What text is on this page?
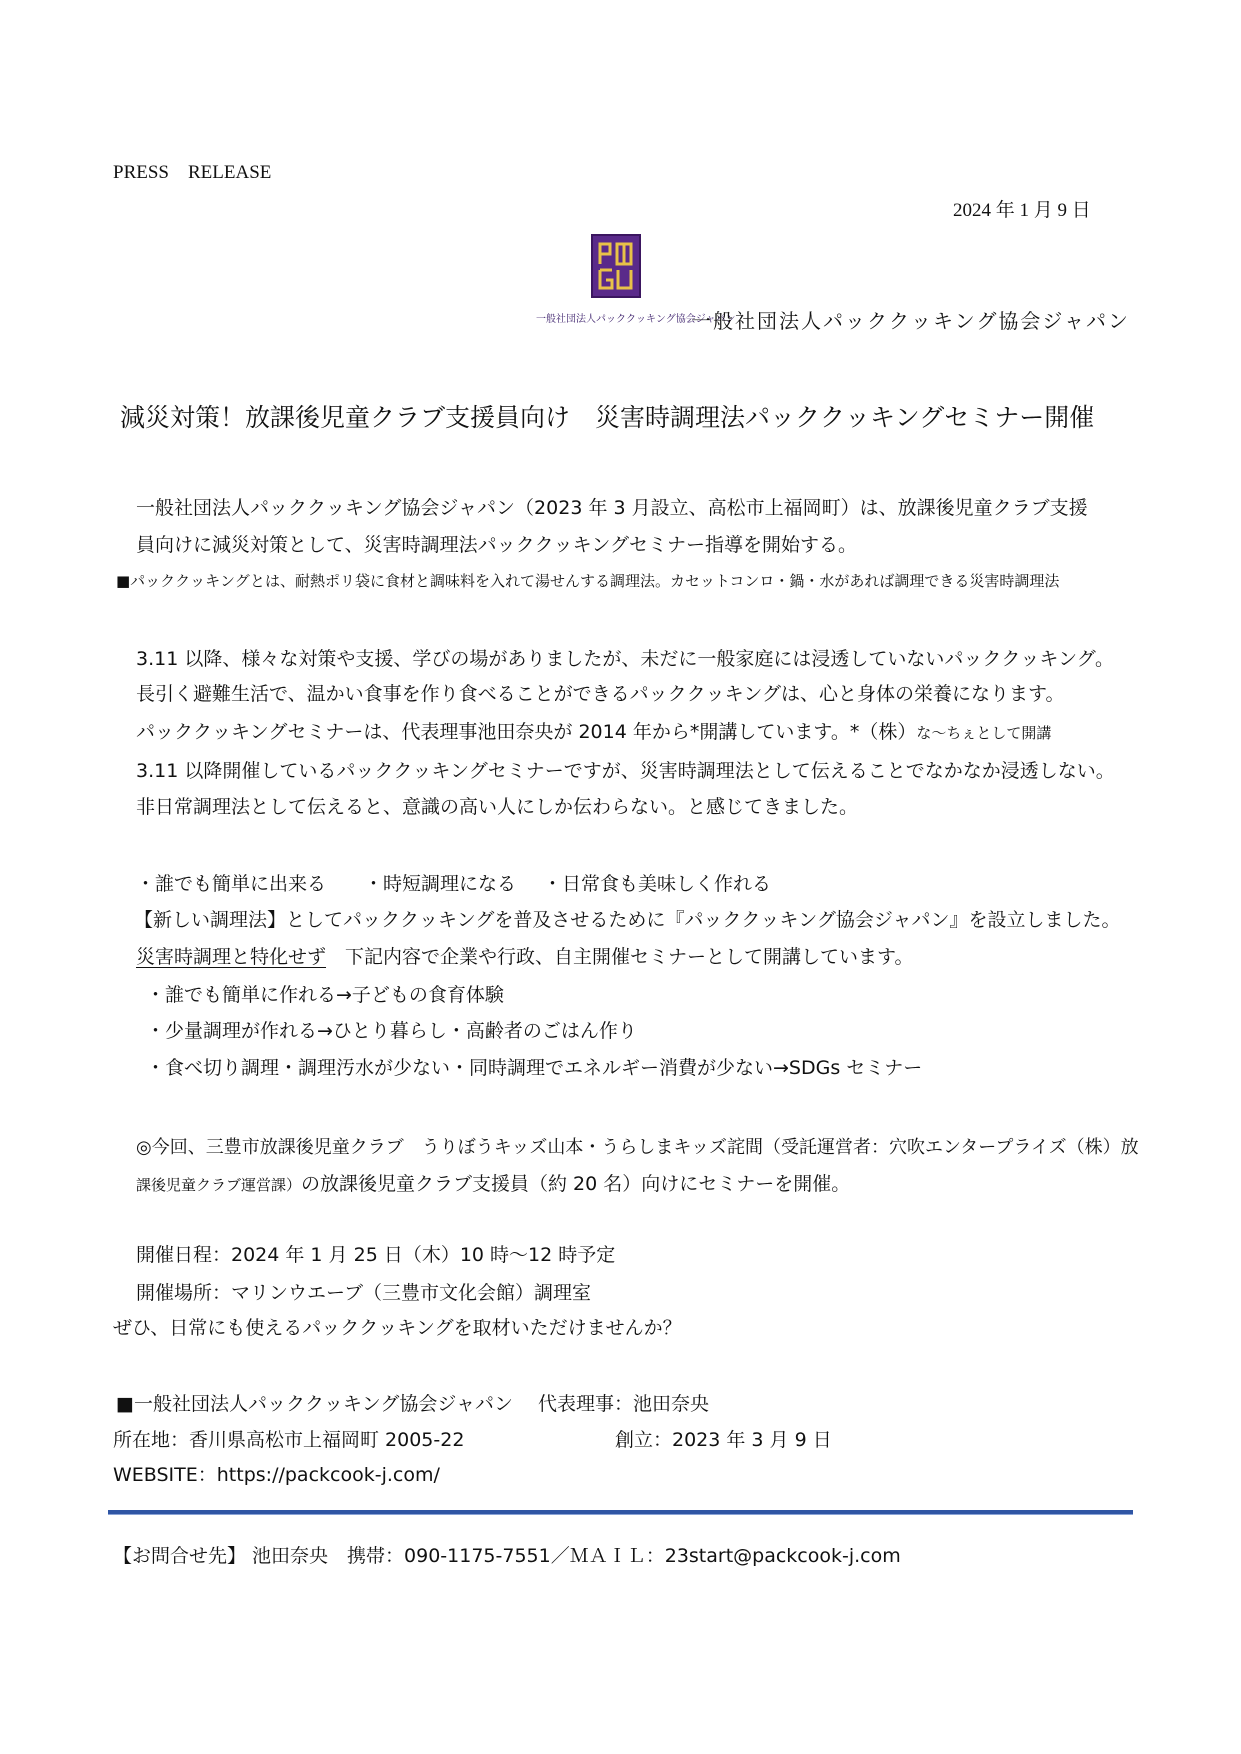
PRESS　RELEASE
2024 年 1 月 9 日
一般社団法人パッククッキング協会ジャパン
一般社団法人パッククッキング協会ジャパン
減災対策！放課後児童クラブ支援員向け　災害時調理法パッククッキングセミナー開催
一般社団法人パッククッキング協会ジャパン（2023 年 3 月設立、高松市上福岡町）は、放課後児童クラブ支援
員向けに減災対策として、災害時調理法パッククッキングセミナー指導を開始する。
■パッククッキングとは、耐熱ポリ袋に食材と調味料を入れて湯せんする調理法。カセットコンロ・鍋・水があれば調理できる災害時調理法
3.11 以降、様々な対策や支援、学びの場がありましたが、未だに一般家庭には浸透していないパッククッキング。
長引く避難生活で、温かい食事を作り食べることができるパッククッキングは、心と身体の栄養になります。
パッククッキングセミナーは、代表理事池田奈央が 2014 年から*開講しています。*（株）な～ちぇとして開講
3.11 以降開催しているパッククッキングセミナーですが、災害時調理法として伝えることでなかなか浸透しない。
非日常調理法として伝えると、意識の高い人にしか伝わらない。と感じてきました。
・誰でも簡単に出来る ・時短調理になる ・日常食も美味しく作れる
【新しい調理法】としてパッククッキングを普及させるために『パッククッキング協会ジャパン』を設立しました。
災害時調理と特化せず　 下記内容で企業や行政、自主開催セミナーとして開講しています。
・誰でも簡単に作れる→子どもの食育体験
・少量調理が作れる→ひとり暮らし・高齢者のごはん作り
・食べ切り調理・調理汚水が少ない・同時調理でエネルギー消費が少ない→SDGs セミナー
◎今回、三豊市放課後児童クラブ　うりぼうキッズ山本・うらしまキッズ詫間（受託運営者：穴吹エンタープライズ（株）放
課後児童クラブ運営課）の放課後児童クラブ支援員（約 20 名）向けにセミナーを開催。
開催日程：2024 年 1 月 25 日（木）10 時～12 時予定
開催場所：マリンウエーブ（三豊市文化会館）調理室
ぜひ、日常にも使えるパッククッキングを取材いただけませんか？
■一般社団法人パッククッキング協会ジャパン　 代表理事：池田奈央
所在地：香川県高松市上福岡町 2005-22	創立：2023 年 3 月 9 日
WEBSITE：https://packcook-j.com/
【お問合せ先】 池田奈央　携帯：090-1175-7551／ＭＡＩＬ：23start@packcook-j.com
